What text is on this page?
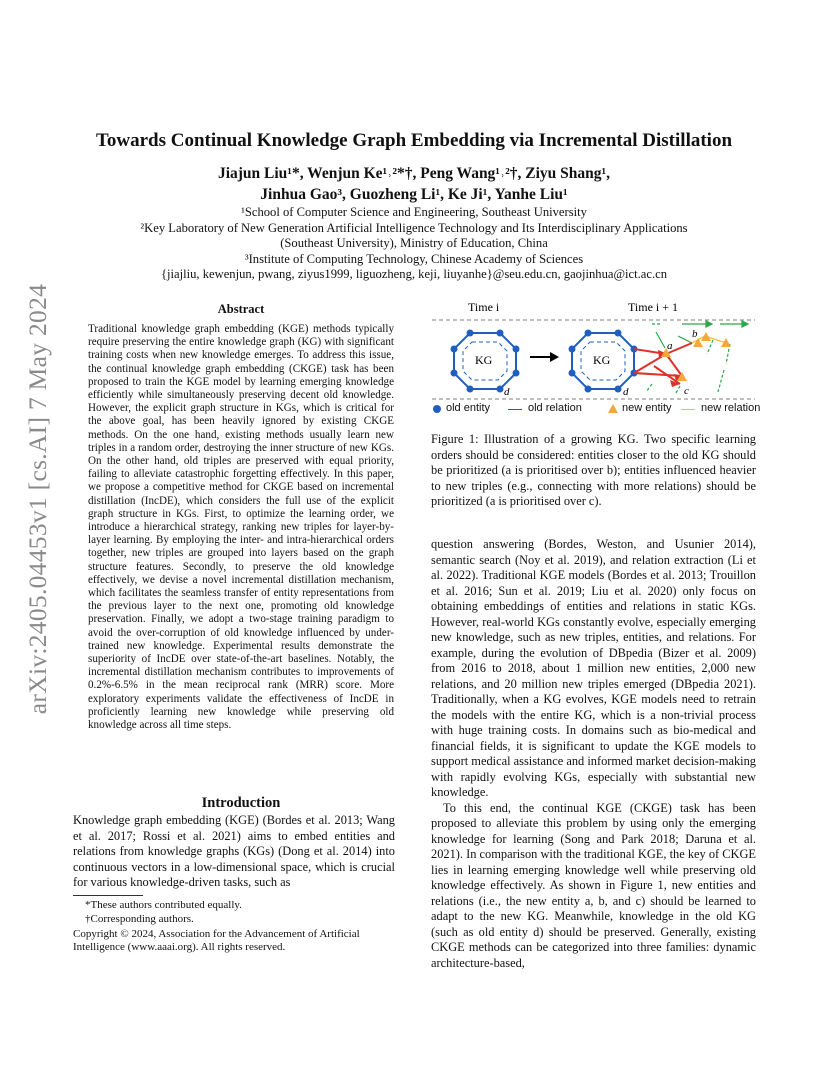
Towards Continual Knowledge Graph Embedding via Incremental Distillation
Jiajun Liu¹*, Wenjun Ke¹˒²*†, Peng Wang¹˒²†, Ziyu Shang¹,
Jinhua Gao³, Guozheng Li¹, Ke Ji¹, Yanhe Liu¹
¹School of Computer Science and Engineering, Southeast University
²Key Laboratory of New Generation Artificial Intelligence Technology and Its Interdisciplinary Applications
(Southeast University), Ministry of Education, China
³Institute of Computing Technology, Chinese Academy of Sciences
{jiajliu, kewenjun, pwang, ziyus1999, liguozheng, keji, liuyanhe}@seu.edu.cn, gaojinhua@ict.ac.cn
arXiv:2405.04453v1 [cs.AI] 7 May 2024	Abstract
Traditional knowledge graph embedding (KGE) methods typically require preserving the entire knowledge graph (KG) with significant training costs when new knowledge emerges. To address this issue, the continual knowledge graph embedding (CKGE) task has been proposed to train the KGE model by learning emerging knowledge efficiently while simultaneously preserving decent old knowledge. However, the explicit graph structure in KGs, which is critical for the above goal, has been heavily ignored by existing CKGE methods. On the one hand, existing methods usually learn new triples in a random order, destroying the inner structure of new KGs. On the other hand, old triples are preserved with equal priority, failing to alleviate catastrophic forgetting effectively. In this paper, we propose a competitive method for CKGE based on incremental distillation (IncDE), which considers the full use of the explicit graph structure in KGs. First, to optimize the learning order, we introduce a hierarchical strategy, ranking new triples for layer-by-layer learning. By employing the inter- and intra-hierarchical orders together, new triples are grouped into layers based on the graph structure features. Secondly, to preserve the old knowledge effectively, we devise a novel incremental distillation mechanism, which facilitates the seamless transfer of entity representations from the previous layer to the next one, promoting old knowledge preservation. Finally, we adopt a two-stage training paradigm to avoid the over-corruption of old knowledge influenced by under-trained new knowledge. Experimental results demonstrate the superiority of IncDE over state-of-the-art baselines. Notably, the incremental distillation mechanism contributes to improvements of 0.2%-6.5% in the mean reciprocal rank (MRR) score. More exploratory experiments validate the effectiveness of IncDE in proficiently learning new knowledge while preserving old knowledge across all time steps.
Introduction
Knowledge graph embedding (KGE) (Bordes et al. 2013; Wang et al. 2017; Rossi et al. 2021) aims to embed entities and relations from knowledge graphs (KGs) (Dong et al. 2014) into continuous vectors in a low-dimensional space, which is crucial for various knowledge-driven tasks, such as
*These authors contributed equally.
†Corresponding authors.
Copyright © 2024, Association for the Advancement of Artificial Intelligence (www.aaai.org). All rights reserved.
Time i	Time i + 1
KG
d
KG
d
a
b
c
old entity	old relation	new entity	new relation
Figure 1: Illustration of a growing KG. Two specific learning orders should be considered: entities closer to the old KG should be prioritized (a is prioritised over b); entities influenced heavier to new triples (e.g., connecting with more relations) should be prioritized (a is prioritised over c).

question answering (Bordes, Weston, and Usunier 2014), semantic search (Noy et al. 2019), and relation extraction (Li et al. 2022). Traditional KGE models (Bordes et al. 2013; Trouillon et al. 2016; Sun et al. 2019; Liu et al. 2020) only focus on obtaining embeddings of entities and relations in static KGs. However, real-world KGs constantly evolve, especially emerging new knowledge, such as new triples, entities, and relations. For example, during the evolution of DBpedia (Bizer et al. 2009) from 2016 to 2018, about 1 million new entities, 2,000 new relations, and 20 million new triples emerged (DBpedia 2021). Traditionally, when a KG evolves, KGE models need to retrain the models with the entire KG, which is a non-trivial process with huge training costs. In domains such as bio-medical and financial fields, it is significant to update the KGE models to support medical assistance and informed market decision-making with rapidly evolving KGs, especially with substantial new knowledge.

To this end, the continual KGE (CKGE) task has been proposed to alleviate this problem by using only the emerging knowledge for learning (Song and Park 2018; Daruna et al. 2021). In comparison with the traditional KGE, the key of CKGE lies in learning emerging knowledge well while preserving old knowledge effectively. As shown in Figure 1, new entities and relations (i.e., the new entity a, b, and c) should be learned to adapt to the new KG. Meanwhile, knowledge in the old KG (such as old entity d) should be preserved. Generally, existing CKGE methods can be categorized into three families: dynamic architecture-based,
